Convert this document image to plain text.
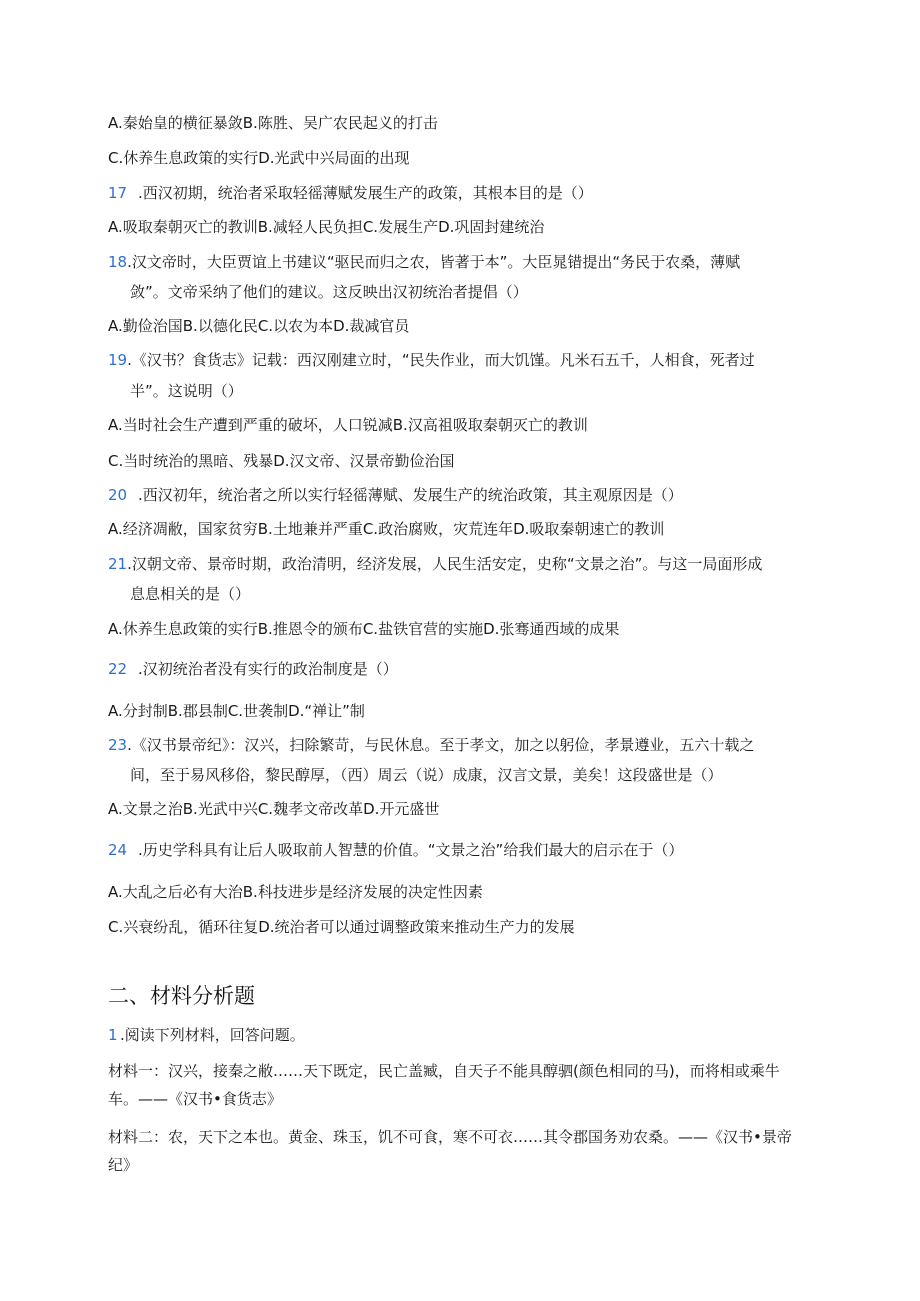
A.秦始皇的横征暴敛B.陈胜、吴广农民起义的打击
C.休养生息政策的实行D.光武中兴局面的出现
17 .西汉初期，统治者采取轻徭薄赋发展生产的政策，其根本目的是（）
A.吸取秦朝灭亡的教训B.减轻人民负担C.发展生产D.巩固封建统治
18.汉文帝时，大臣贾谊上书建议“驱民而归之农，皆著于本”。大臣晁错提出“务民于农桑，薄赋
敛”。文帝采纳了他们的建议。这反映出汉初统治者提倡（）
A.勤俭治国B.以德化民C.以农为本D.裁减官员
19.《汉书？食货志》记载：西汉刚建立时，“民失作业，而大饥馑。凡米石五千，人相食，死者过
半”。这说明（）
A.当时社会生产遭到严重的破坏，人口锐减B.汉高祖吸取秦朝灭亡的教训
C.当时统治的黑暗、残暴D.汉文帝、汉景帝勤俭治国
20 .西汉初年，统治者之所以实行轻徭薄赋、发展生产的统治政策，其主观原因是（）
A.经济凋敝，国家贫穷B.土地兼并严重C.政治腐败，灾荒连年D.吸取秦朝速亡的教训
21.汉朝文帝、景帝时期，政治清明，经济发展，人民生活安定，史称“文景之治”。与这一局面形成
息息相关的是（）
A.休养生息政策的实行B.推恩令的颁布C.盐铁官营的实施D.张骞通西域的成果
22 .汉初统治者没有实行的政治制度是（）
A.分封制B.郡县制C.世袭制D.“禅让”制
23.《汉书景帝纪》：汉兴，扫除繁苛，与民休息。至于孝文，加之以躬俭，孝景遵业，五六十载之
间，至于易风移俗，黎民醇厚，（西）周云（说）成康，汉言文景，美矣！这段盛世是（）
A.文景之治B.光武中兴C.魏孝文帝改革D.开元盛世
24 .历史学科具有让后人吸取前人智慧的价值。“文景之治”给我们最大的启示在于（）
A.大乱之后必有大治B.科技进步是经济发展的决定性因素
C.兴衰纷乱，循环往复D.统治者可以通过调整政策来推动生产力的发展
二、材料分析题
1 .阅读下列材料，回答问题。
材料一：汉兴，接秦之敝……天下既定，民亡盖臧，自天子不能具醇驷(颜色相同的马)，而将相或乘牛
车。——《汉书•食货志》
材料二：农，天下之本也。黄金、珠玉，饥不可食，寒不可衣……其令郡国务劝农桑。——《汉书•景帝
纪》
